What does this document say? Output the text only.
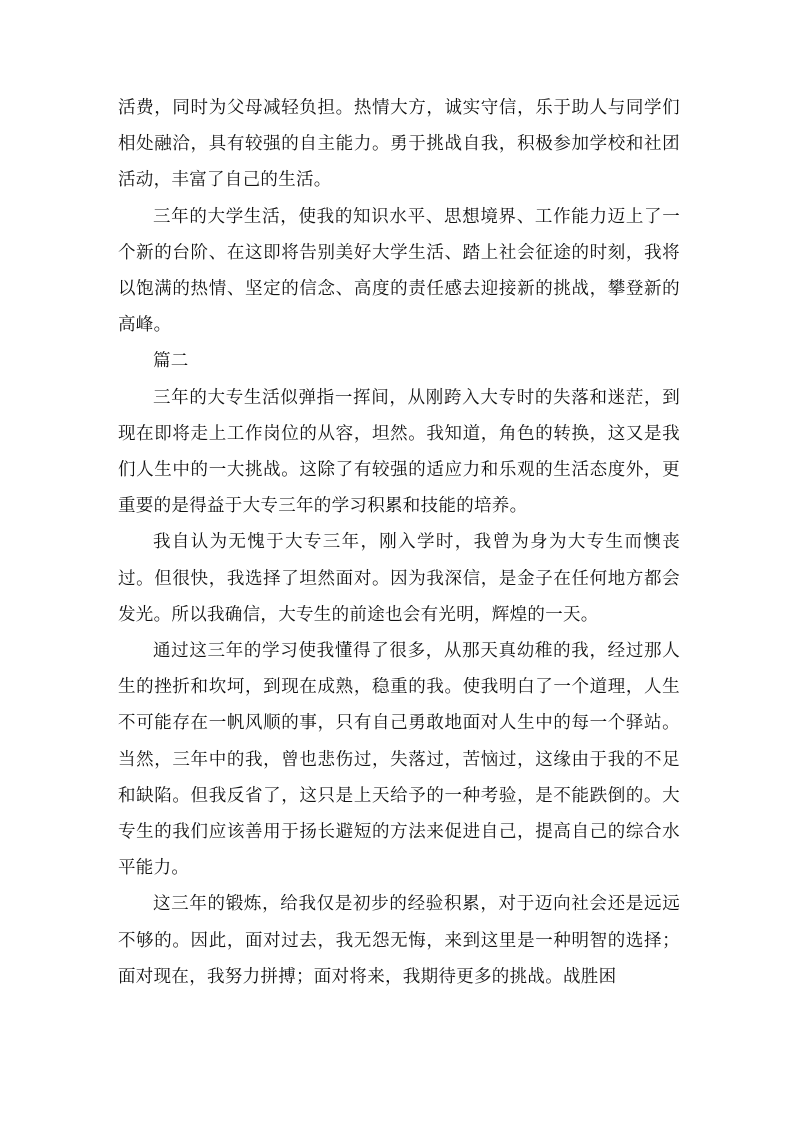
活费，同时为父母减轻负担。热情大方，诚实守信，乐于助人与同学们相处融洽，具有较强的自主能力。勇于挑战自我，积极参加学校和社团活动，丰富了自己的生活。

三年的大学生活，使我的知识水平、思想境界、工作能力迈上了一个新的台阶、在这即将告别美好大学生活、踏上社会征途的时刻，我将以饱满的热情、坚定的信念、高度的责任感去迎接新的挑战，攀登新的高峰。

篇二

三年的大专生活似弹指一挥间，从刚跨入大专时的失落和迷茫，到现在即将走上工作岗位的从容，坦然。我知道，角色的转换，这又是我们人生中的一大挑战。这除了有较强的适应力和乐观的生活态度外，更重要的是得益于大专三年的学习积累和技能的培养。

我自认为无愧于大专三年，刚入学时，我曾为身为大专生而懊丧过。但很快，我选择了坦然面对。因为我深信，是金子在任何地方都会发光。所以我确信，大专生的前途也会有光明，辉煌的一天。

通过这三年的学习使我懂得了很多，从那天真幼稚的我，经过那人生的挫折和坎坷，到现在成熟，稳重的我。使我明白了一个道理，人生不可能存在一帆风顺的事，只有自己勇敢地面对人生中的每一个驿站。当然，三年中的我，曾也悲伤过，失落过，苦恼过，这缘由于我的不足和缺陷。但我反省了，这只是上天给予的一种考验，是不能跌倒的。大专生的我们应该善用于扬长避短的方法来促进自己，提高自己的综合水平能力。

这三年的锻炼，给我仅是初步的经验积累，对于迈向社会还是远远不够的。因此，面对过去，我无怨无悔，来到这里是一种明智的选择；面对现在，我努力拼搏；面对将来，我期待更多的挑战。战胜困
